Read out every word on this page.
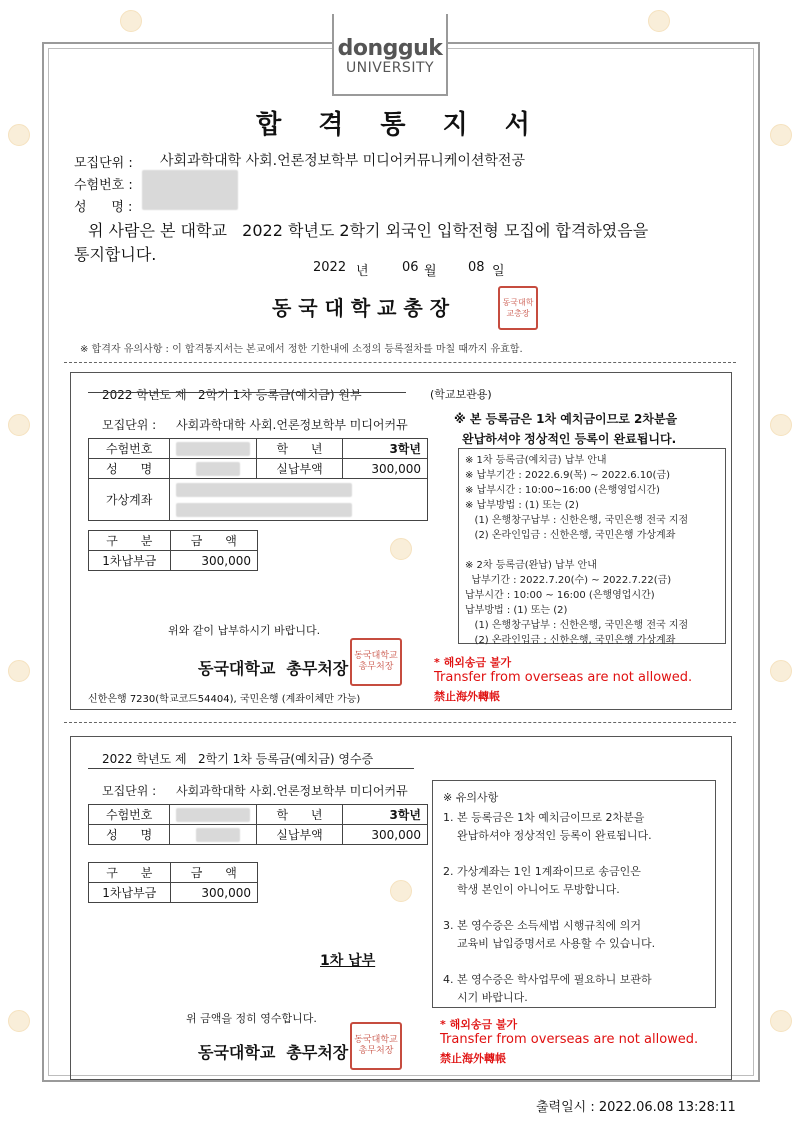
dongguk
UNIVERSITY
합 격 통 지 서
모집단위 : 사회과학대학 사회.언론정보학부 미디어커뮤니케이션학전공
수험번호 :
성      명 :
위 사람은 본 대학교   2022 학년도 2학기 외국인 입학전형 모집에 합격하였음을
통지합니다.
2022 년	06 월 08 일
동 국 대 학 교 총 장	동국대학교총장
※ 합격자 유의사항 : 이 합격통지서는 본교에서 정한 기한내에 소정의 등록절차를 마칠 때까지 유효함.
2022 학년도 제   2학기 1차 등록금(예치금) 원부	(학교보관용)
모집단위 : 사회과학대학 사회.언론정보학부 미디어커뮤	※ 본 등록금은 1차 예치금이므로 2차분을
완납하셔야 정상적인 등록이 완료됩니다.
수험번호		학      년	3학년
성      명		실납부액	300,000
가상계좌			
구      분	금      액
1차납부금	300,000
※ 1차 등록금(예치금) 납부 안내
※ 납부기간 : 2022.6.9(목) ~ 2022.6.10(금)
※ 납부시간 : 10:00~16:00 (은행영업시간)
※ 납부방법 : (1) 또는 (2)
(1) 은행창구납부 : 신한은행, 국민은행 전국 지점
(2) 온라인입금 : 신한은행, 국민은행 가상계좌

※ 2차 등록금(완납) 납부 안내
납부기간 : 2022.7.20(수) ~ 2022.7.22(금)
납부시간 : 10:00 ~ 16:00 (은행영업시간)
납부방법 : (1) 또는 (2)
(1) 은행창구납부 : 신한은행, 국민은행 전국 지점
(2) 온라인입금 : 신한은행, 국민은행 가상계좌
위와 같이 납부하시기 바랍니다.
동국대학교  총무처장
동국대학교총무처장
신한은행 7230(학교코드54404), 국민은행 (계좌이체만 가능)
* 해외송금 불가
Transfer from overseas are not allowed.
禁止海外轉帳
2022 학년도 제   2학기 1차 등록금(예치금) 영수증
모집단위 : 사회과학대학 사회.언론정보학부 미디어커뮤
수험번호		학      년	3학년
성      명		실납부액	300,000
구      분	금      액
1차납부금	300,000
1차 납부
※ 유의사항
1. 본 등록금은 1차 예치금이므로 2차분을
완납하셔야 정상적인 등록이 완료됩니다.

2. 가상계좌는 1인 1계좌이므로 송금인은
학생 본인이 아니어도 무방합니다.

3. 본 영수증은 소득세법 시행규칙에 의거
교육비 납입증명서로 사용할 수 있습니다.

4. 본 영수증은 학사업무에 필요하니 보관하
시기 바랍니다.
위 금액을 정히 영수합니다.
동국대학교  총무처장
동국대학교총무처장
* 해외송금 불가
Transfer from overseas are not allowed.
禁止海外轉帳
출력일시 : 2022.06.08 13:28:11
